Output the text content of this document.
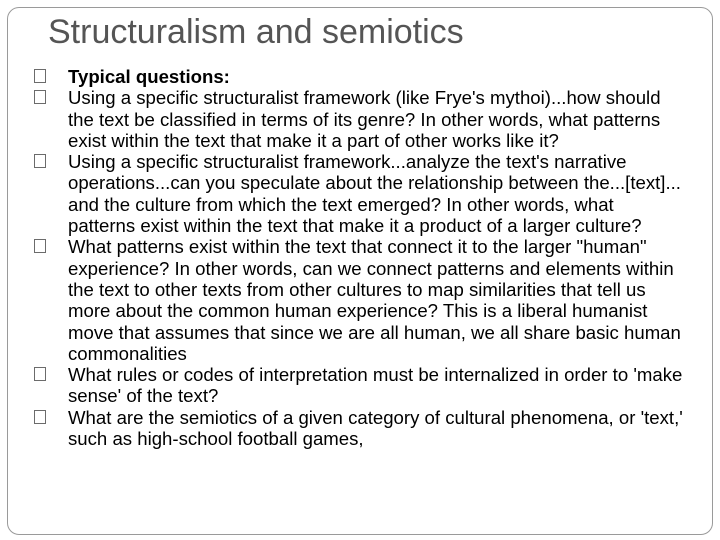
Structuralism and semiotics
Typical questions:
Using a specific structuralist framework (like Frye's mythoi)...how should the text be classified in terms of its genre? In other words, what patterns exist within the text that make it a part of other works like it?
Using a specific structuralist framework...analyze the text's narrative operations...can you speculate about the relationship between the...[text]... and the culture from which the text emerged? In other words, what patterns exist within the text that make it a product of a larger culture?
What patterns exist within the text that connect it to the larger "human" experience? In other words, can we connect patterns and elements within the text to other texts from other cultures to map similarities that tell us more about the common human experience? This is a liberal humanist move that assumes that since we are all human, we all share basic human commonalities
What rules or codes of interpretation must be internalized in order to 'make sense' of the text?
What are the semiotics of a given category of cultural phenomena, or 'text,' such as high-school football games,
